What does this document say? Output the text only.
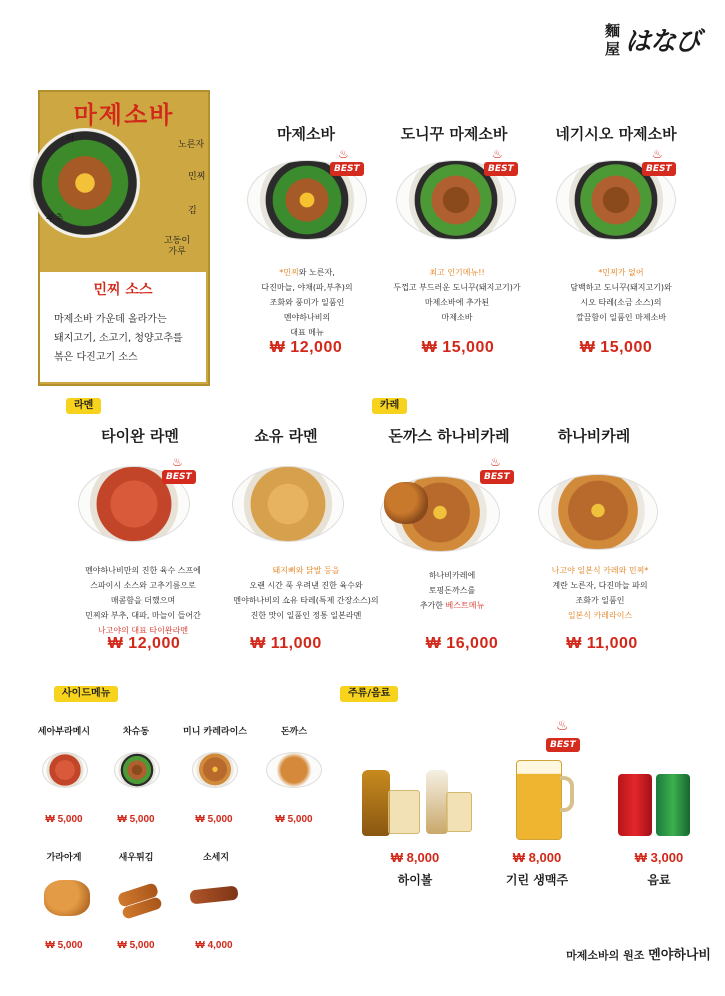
麵屋 はなび
마제소바
파
노른자
민찌
김
부추
고동이
가루
민찌 소스
마제소바 가운데 올라가는
돼지고기, 소고기, 청양고추를
볶은 다진고기 소스
마제소바
♨
BEST
*민찌와 노른자,
다진마늘, 야채(파,부추)의
조화와 풍미가 일품인
멘야하나비의
대표 메뉴
₩ 12,000
도니꾸 마제소바
♨
BEST
최고 인기메뉴!!
두껍고 부드러운 도니꾸(돼지고기)가
마제소바에 추가된
마제소바
₩ 15,000
네기시오 마제소바
♨
BEST
*민찌가 없어
담백하고 도니꾸(돼지고기)와
시오 타레(소금 소스)의
깔끔함이 일품인 마제소바
₩ 15,000
라멘	카레
타이완 라멘
♨
BEST
멘야하나비만의 진한 육수 스프에
스파이시 소스와 고추기름으로
매콤함을 더했으며
민찌와 부추, 대파, 마늘이 들어간
나고야의 대표 타이완라멘
₩ 12,000
쇼유 라멘
돼지뼈와 닭발 등을
오랜 시간 푹 우려낸 진한 육수와
멘야하나비의 쇼유 타레(특제 간장소스)의
진한 맛이 일품인 정통 일본라멘
₩ 11,000
돈까스 하나비카레
♨
BEST
하나비카레에
토핑돈까스를
추가한 베스트메뉴
₩ 16,000
하나비카레
나고야 일본식 카레와 민찌*
계란 노른자, 다진마늘 파의
조화가 일품인
일본식 카레라이스
₩ 11,000
사이드메뉴
세아부라메시
₩ 5,000
차슈동
₩ 5,000
미니 카레라이스
₩ 5,000
돈까스
₩ 5,000
가라아게
₩ 5,000
새우튀김
₩ 5,000
소세지
₩ 4,000
주류/음료
₩ 8,000
하이볼
♨
BEST
₩ 8,000
기린 생맥주
₩ 3,000
음료
마제소바의 원조 멘야하나비
